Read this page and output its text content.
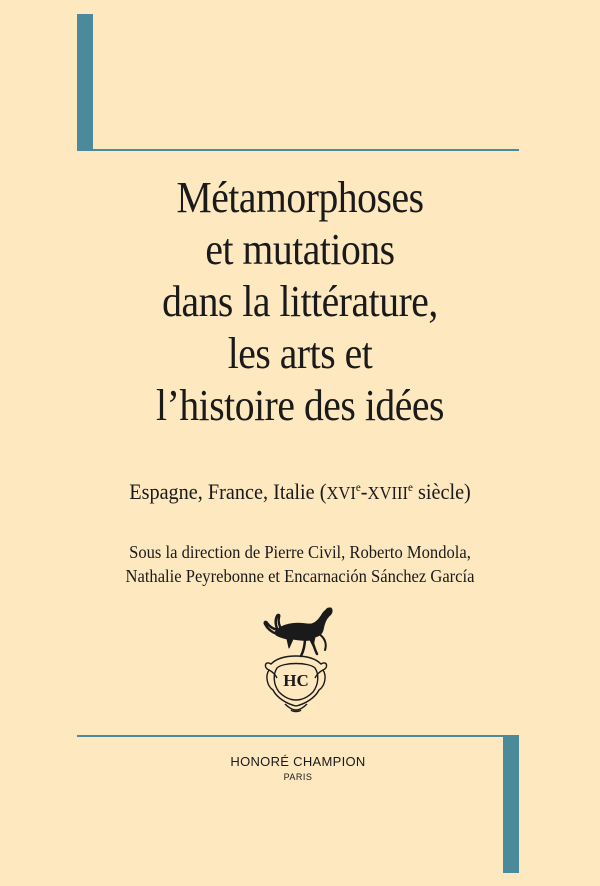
Métamorphoses
et mutations
dans la littérature,
les arts et
l’histoire des idées
Espagne, France, Italie (XVIe-XVIIIe siècle)
Sous la direction de Pierre Civil, Roberto Mondola,
Nathalie Peyrebonne et Encarnación Sánchez García
HC
HONORÉ CHAMPION
PARIS
